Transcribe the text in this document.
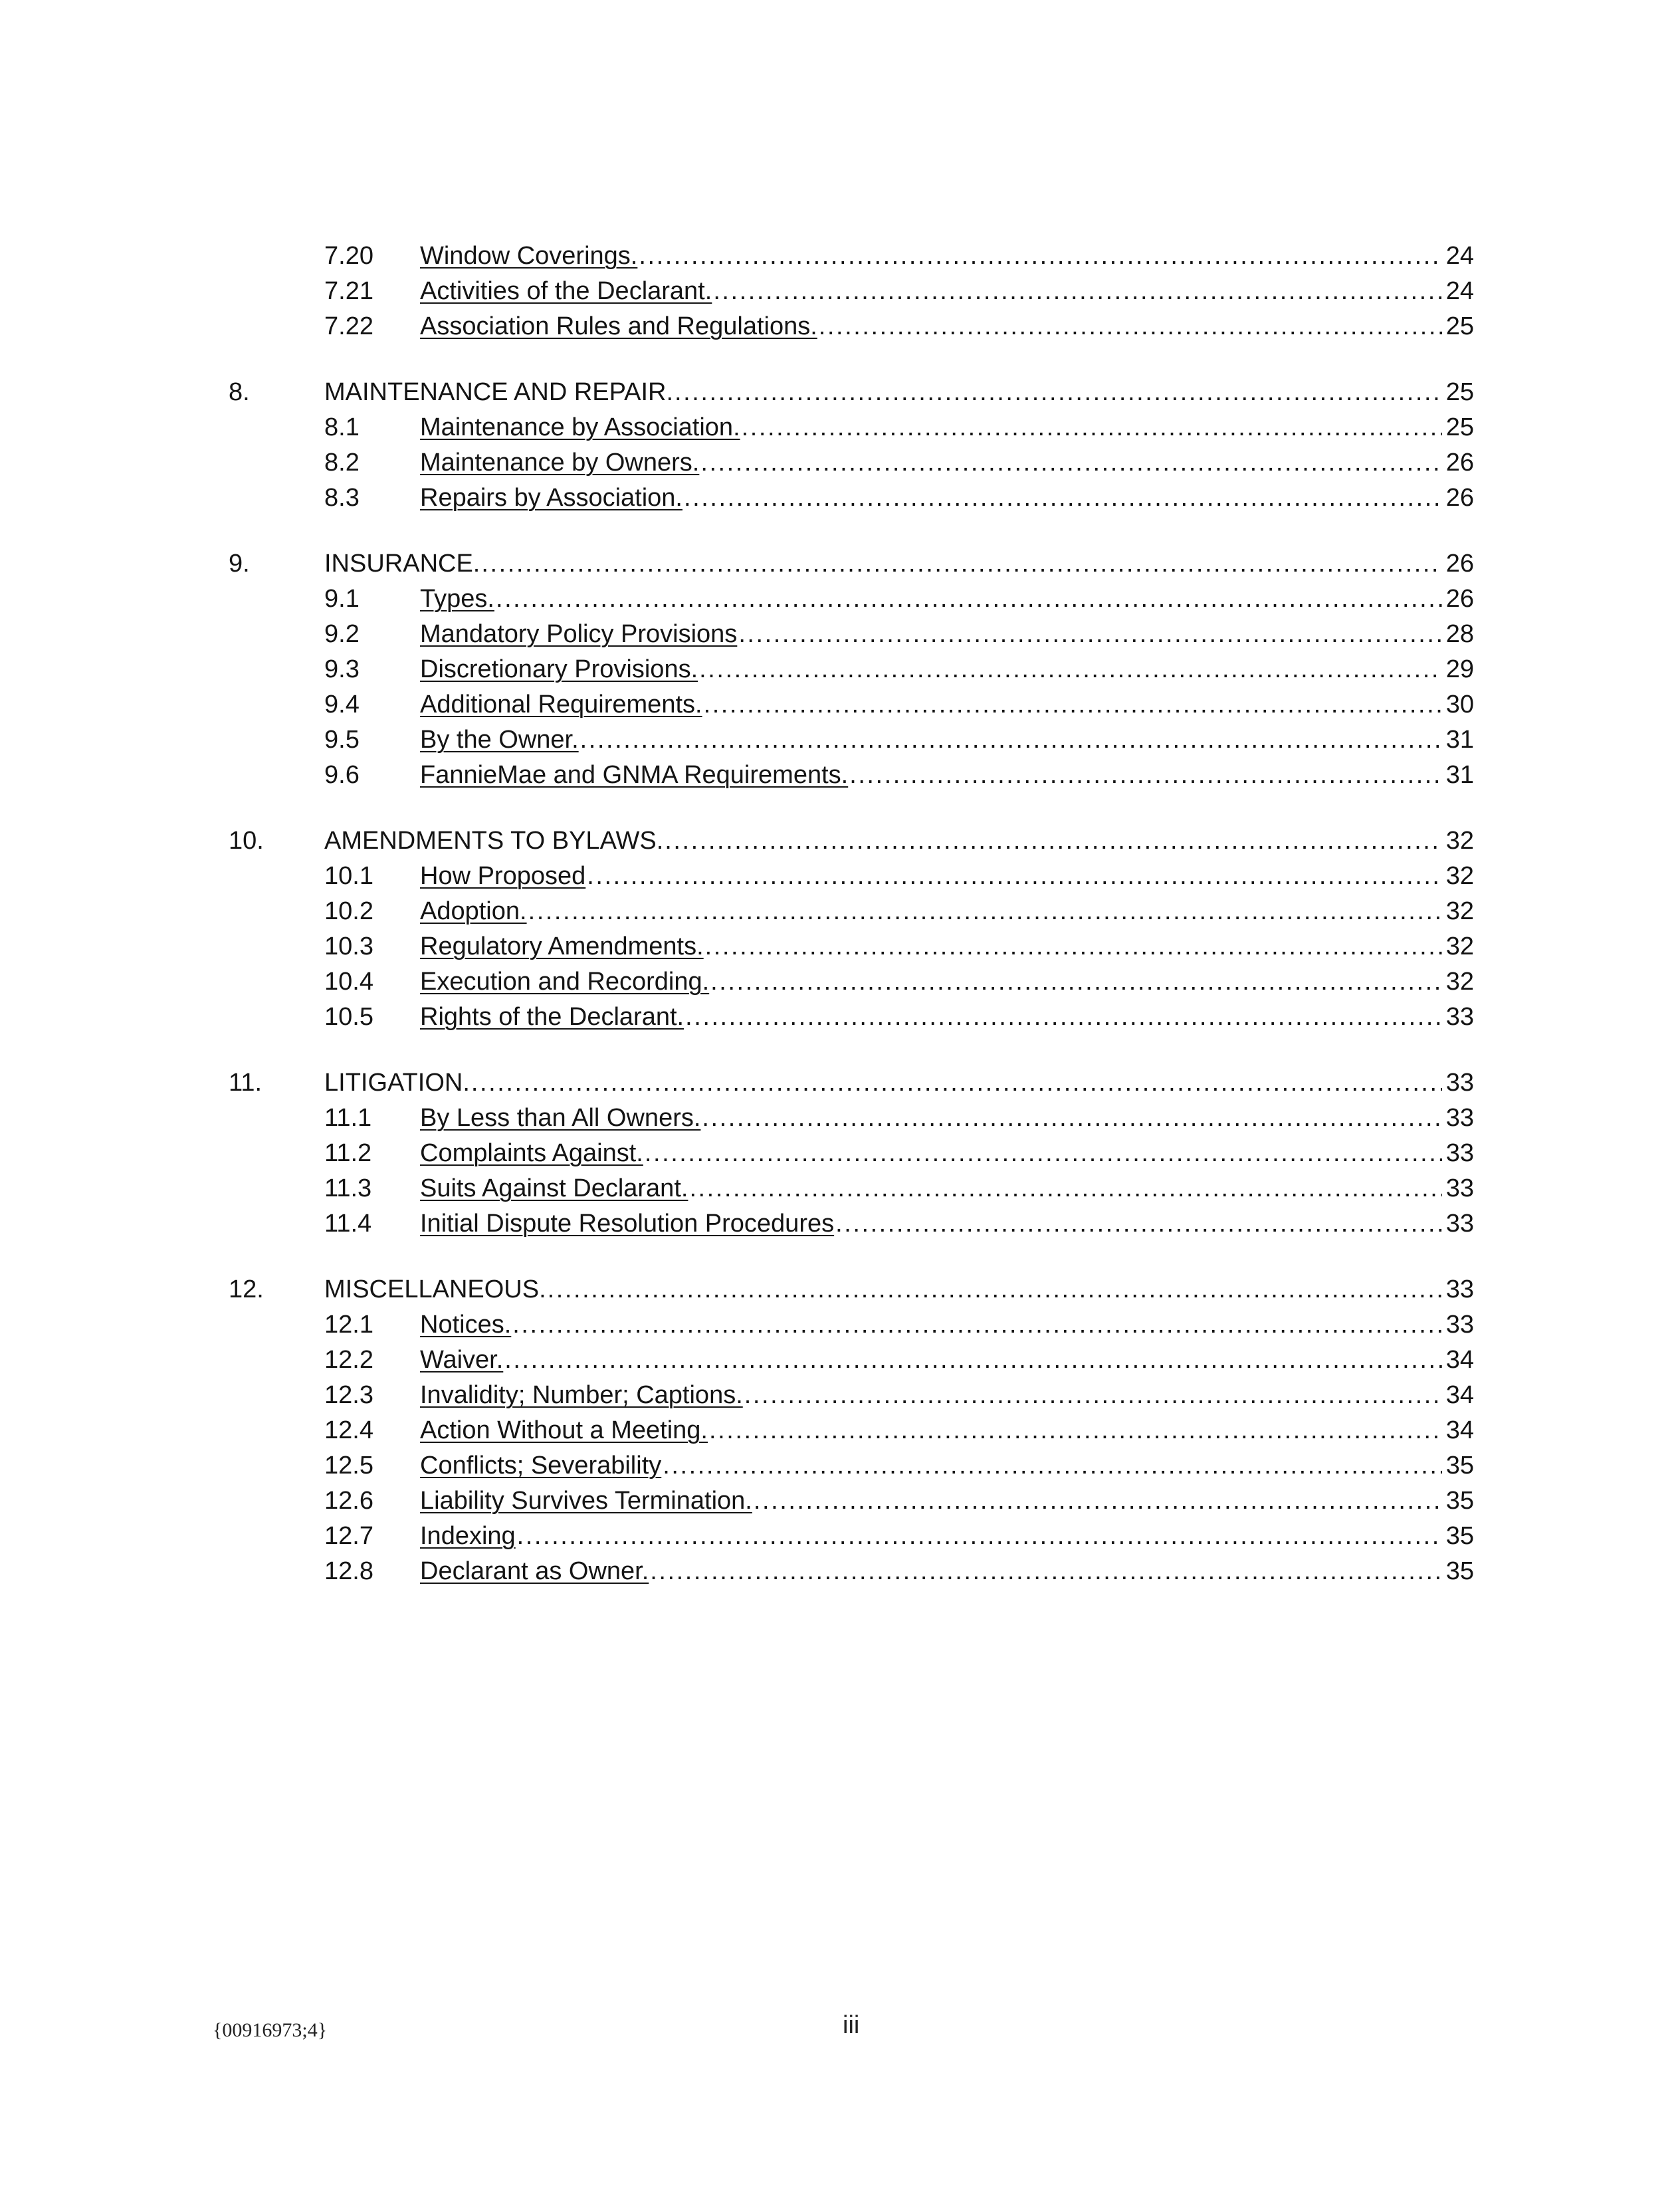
7.20 Window Coverings. . . .	24
7.21 Activities of the Declarant. . . .	24
7.22 Association Rules and Regulations. . . .	25
8.	MAINTENANCE AND REPAIR. . . .	25
8.1 Maintenance by Association. . . .	25
8.2 Maintenance by Owners. . . .	26
8.3 Repairs by Association. . . .	26
9.	INSURANCE. . . .	26
9.1 Types. . . .	26
9.2 Mandatory Policy Provisions . . .	28
9.3 Discretionary Provisions. . . .	29
9.4 Additional Requirements. . . .	30
9.5 By the Owner. . . .	31
9.6 FannieMae and GNMA Requirements. . . .	31
10. AMENDMENTS TO BYLAWS. . . .	32
10.1 How Proposed . . .	32
10.2 Adoption. . . .	32
10.3 Regulatory Amendments. . . .	32
10.4 Execution and Recording. . . .	32
10.5 Rights of the Declarant. . . .	33
11. LITIGATION. . . .	33
11.1 By Less than All Owners. . . .	33
11.2 Complaints Against. . . .	33
11.3 Suits Against Declarant. . . .	33
11.4 Initial Dispute Resolution Procedures . . .	33
12. MISCELLANEOUS. . . .	33
12.1 Notices. . . .	33
12.2 Waiver. . . .	34
12.3 Invalidity; Number; Captions. . . .	34
12.4 Action Without a Meeting. . . .	34
12.5 Conflicts; Severability . . .	35
12.6 Liability Survives Termination. . . .	35
12.7 Indexing . . .	35
12.8 Declarant as Owner. . . .	35
{00916973;4}	iii
